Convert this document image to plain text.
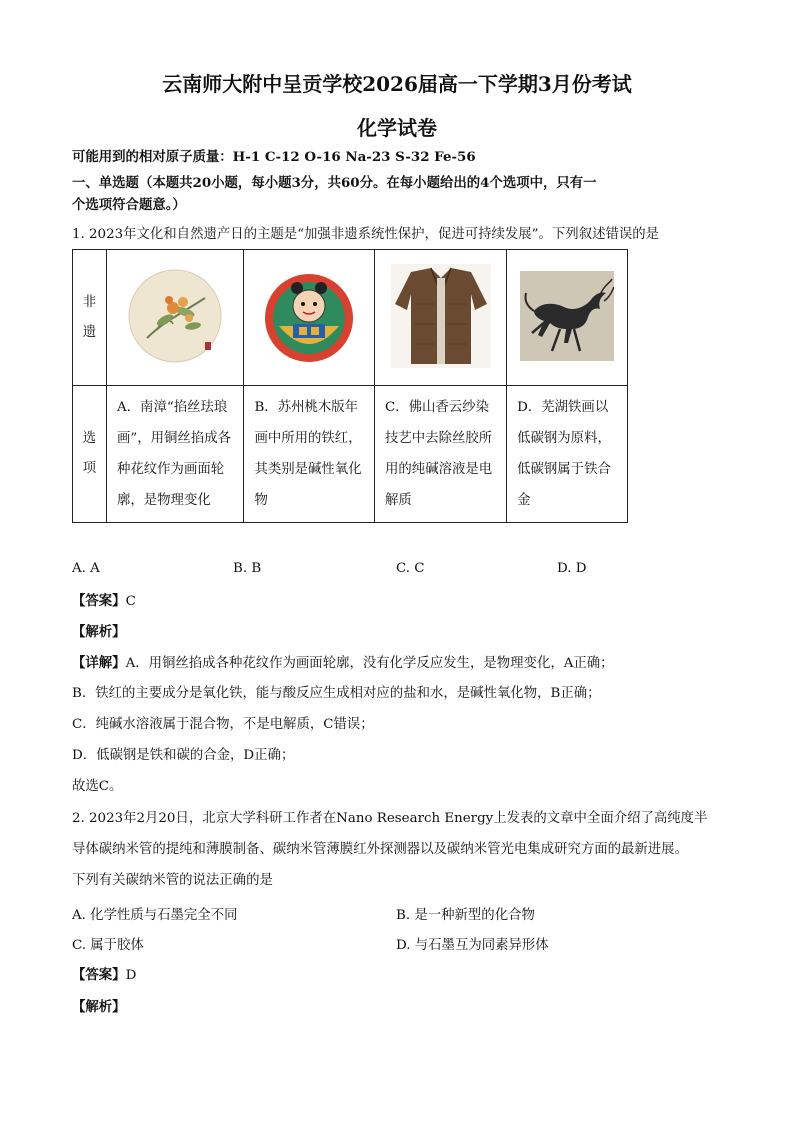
云南师大附中呈贡学校2026届高一下学期3月份考试
化学试卷
可能用到的相对原子质量：H-1 C-12 O-16 Na-23 S-32 Fe-56
一、单选题（本题共20小题，每小题3分，共60分。在每小题给出的4个选项中，只有一
个选项符合题意。）
1. 2023年文化和自然遗产日的主题是“加强非遗系统性保护，促进可持续发展”。下列叙述错误的是
非遗				
选项	A．南漳“掐丝珐琅画”，用铜丝掐成各种花纹作为画面轮廓，是物理变化	B．苏州桃木版年画中所用的铁红，其类别是碱性氧化物	C．佛山香云纱染技艺中去除丝胶所用的纯碱溶液是电解质	D．芜湖铁画以低碳钢为原料，低碳钢属于铁合金
A. A	B. B	C. C	D. D
【答案】C
【解析】
【详解】A．用铜丝掐成各种花纹作为画面轮廓，没有化学反应发生，是物理变化，A正确；
B．铁红的主要成分是氧化铁，能与酸反应生成相对应的盐和水，是碱性氧化物，B正确；
C．纯碱水溶液属于混合物，不是电解质，C错误；
D．低碳钢是铁和碳的合金，D正确；
故选C。
2. 2023年2月20日，北京大学科研工作者在Nano Research Energy上发表的文章中全面介绍了高纯度半
导体碳纳米管的提纯和薄膜制备、碳纳米管薄膜红外探测器以及碳纳米管光电集成研究方面的最新进展。
下列有关碳纳米管的说法正确的是
A. 化学性质与石墨完全不同	B. 是一种新型的化合物
C. 属于胶体	D. 与石墨互为同素异形体
【答案】D
【解析】
